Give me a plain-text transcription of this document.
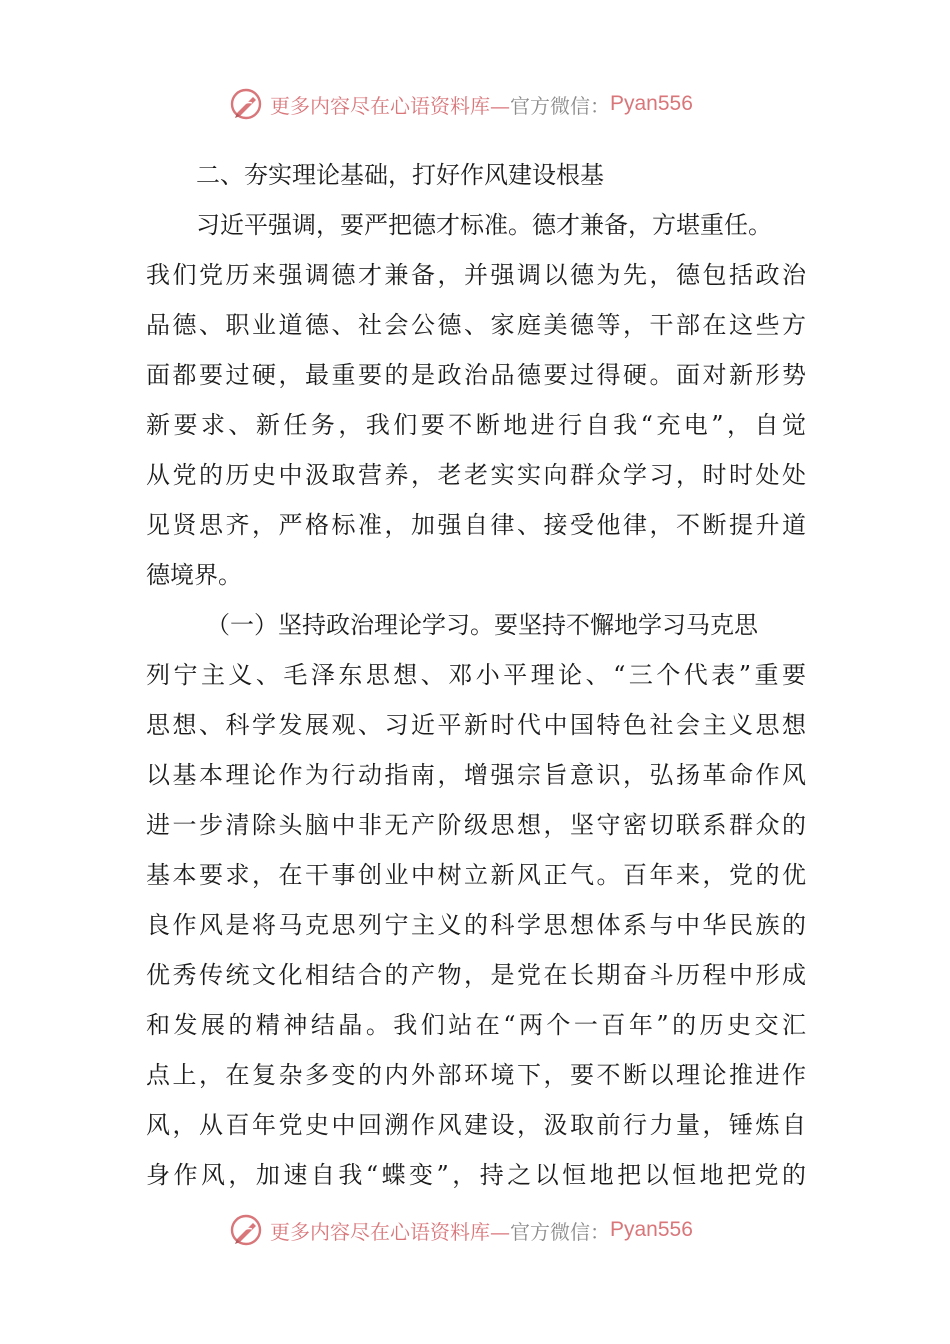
更多内容尽在心语资料库— 官方微信： Pyan556
二、夯实理论基础，打好作风建设根基
习近平强调，要严把德才标准。德才兼备，方堪重任。
我们党历来强调德才兼备，并强调以德为先，德包括政治
品德、职业道德、社会公德、家庭美德等，干部在这些方
面都要过硬，最重要的是政治品德要过得硬。面对新形势
新要求、新任务，我们要不断地进行自我“充电”，自觉
从党的历史中汲取营养，老老实实向群众学习，时时处处
见贤思齐，严格标准，加强自律、接受他律，不断提升道
德境界。
（一）坚持政治理论学习。要坚持不懈地学习马克思
列宁主义、毛泽东思想、邓小平理论、“三个代表”重要
思想、科学发展观、习近平新时代中国特色社会主义思想
以基本理论作为行动指南，增强宗旨意识，弘扬革命作风
进一步清除头脑中非无产阶级思想，坚守密切联系群众的
基本要求，在干事创业中树立新风正气。百年来，党的优
良作风是将马克思列宁主义的科学思想体系与中华民族的
优秀传统文化相结合的产物，是党在长期奋斗历程中形成
和发展的精神结晶。我们站在“两个一百年”的历史交汇
点上，在复杂多变的内外部环境下，要不断以理论推进作
风，从百年党史中回溯作风建设，汲取前行力量，锤炼自
身作风，加速自我“蝶变”，持之以恒地把以恒地把党的
更多内容尽在心语资料库— 官方微信： Pyan556
